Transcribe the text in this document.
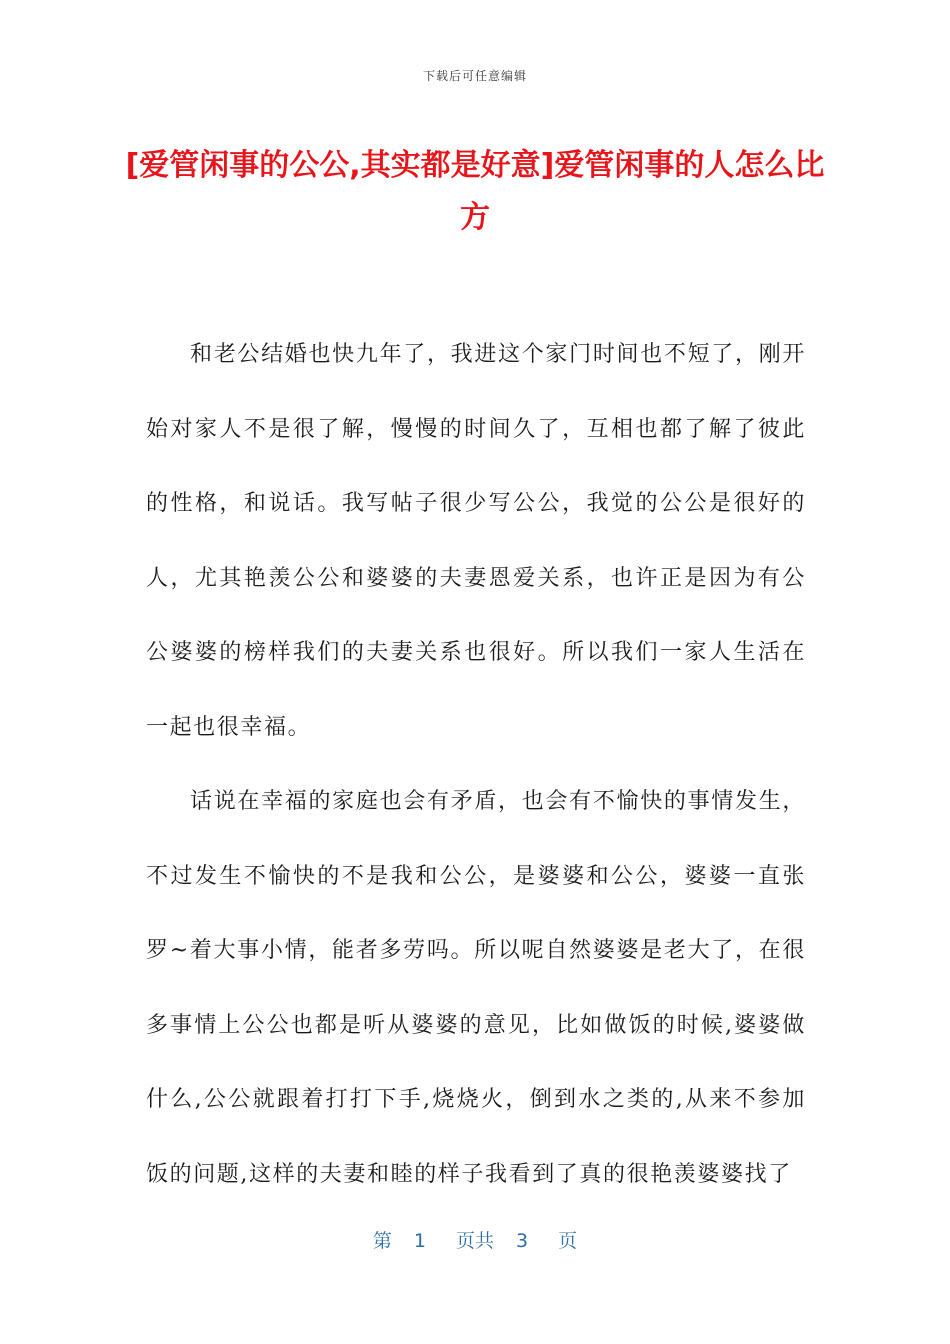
下载后可任意编辑
[爱管闲事的公公,其实都是好意]爱管闲事的人怎么比方

和老公结婚也快九年了，我进这个家门时间也不短了，刚开始对家人不是很了解，慢慢的时间久了，互相也都了解了彼此的性格，和说话。我写帖子很少写公公，我觉的公公是很好的人，尤其艳羡公公和婆婆的夫妻恩爱关系，也许正是因为有公公婆婆的榜样我们的夫妻关系也很好。所以我们一家人生活在一起也很幸福。

话说在幸福的家庭也会有矛盾，也会有不愉快的事情发生，不过发生不愉快的不是我和公公，是婆婆和公公，婆婆一直张罗~着大事小情，能者多劳吗。所以呢自然婆婆是老大了，在很多事情上公公也都是听从婆婆的意见，比如做饭的时候,婆婆做什么,公公就跟着打打下手,烧烧火，倒到水之类的,从来不参加饭的问题,这样的夫妻和睦的样子我看到了真的很艳羡婆婆找了

第 1 页共 3 页
